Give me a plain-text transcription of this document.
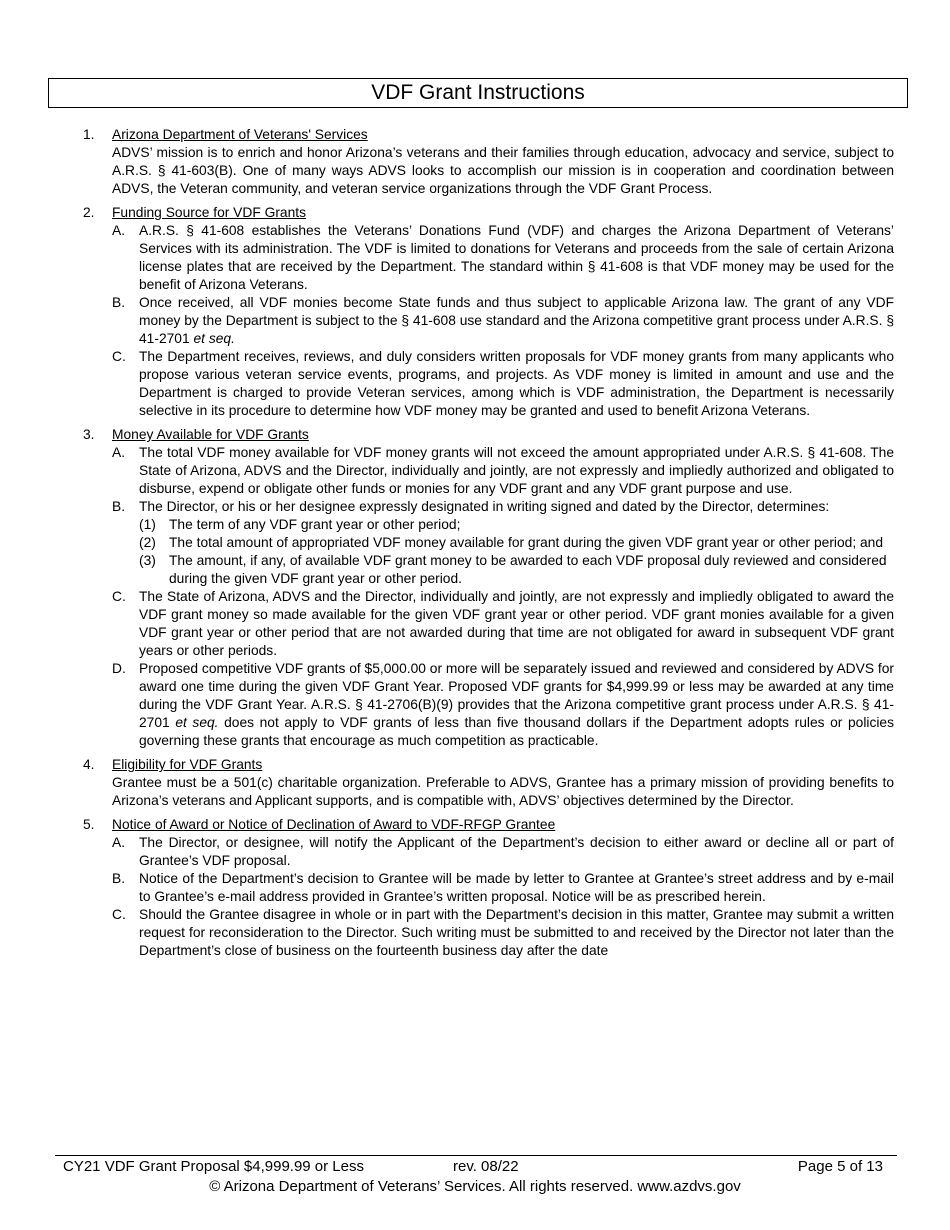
VDF Grant Instructions
1. Arizona Department of Veterans' Services
ADVS’ mission is to enrich and honor Arizona’s veterans and their families through education, advocacy and service, subject to A.R.S. § 41-603(B). One of many ways ADVS looks to accomplish our mission is in cooperation and coordination between ADVS, the Veteran community, and veteran service organizations through the VDF Grant Process.
2. Funding Source for VDF Grants
A. A.R.S. § 41-608 establishes the Veterans’ Donations Fund (VDF) and charges the Arizona Department of Veterans’ Services with its administration. The VDF is limited to donations for Veterans and proceeds from the sale of certain Arizona license plates that are received by the Department. The standard within § 41-608 is that VDF money may be used for the benefit of Arizona Veterans.
B. Once received, all VDF monies become State funds and thus subject to applicable Arizona law. The grant of any VDF money by the Department is subject to the § 41-608 use standard and the Arizona competitive grant process under A.R.S. § 41-2701 et seq.
C. The Department receives, reviews, and duly considers written proposals for VDF money grants from many applicants who propose various veteran service events, programs, and projects. As VDF money is limited in amount and use and the Department is charged to provide Veteran services, among which is VDF administration, the Department is necessarily selective in its procedure to determine how VDF money may be granted and used to benefit Arizona Veterans.
3. Money Available for VDF Grants
A. The total VDF money available for VDF money grants will not exceed the amount appropriated under A.R.S. § 41-608. The State of Arizona, ADVS and the Director, individually and jointly, are not expressly and impliedly authorized and obligated to disburse, expend or obligate other funds or monies for any VDF grant and any VDF grant purpose and use.
B. The Director, or his or her designee expressly designated in writing signed and dated by the Director, determines:
(1) The term of any VDF grant year or other period;
(2) The total amount of appropriated VDF money available for grant during the given VDF grant year or other period; and
(3) The amount, if any, of available VDF grant money to be awarded to each VDF proposal duly reviewed and considered during the given VDF grant year or other period.
C. The State of Arizona, ADVS and the Director, individually and jointly, are not expressly and impliedly obligated to award the VDF grant money so made available for the given VDF grant year or other period. VDF grant monies available for a given VDF grant year or other period that are not awarded during that time are not obligated for award in subsequent VDF grant years or other periods.
D. Proposed competitive VDF grants of $5,000.00 or more will be separately issued and reviewed and considered by ADVS for award one time during the given VDF Grant Year. Proposed VDF grants for $4,999.99 or less may be awarded at any time during the VDF Grant Year. A.R.S. § 41-2706(B)(9) provides that the Arizona competitive grant process under A.R.S. § 41-2701 et seq. does not apply to VDF grants of less than five thousand dollars if the Department adopts rules or policies governing these grants that encourage as much competition as practicable.
4. Eligibility for VDF Grants
Grantee must be a 501(c) charitable organization. Preferable to ADVS, Grantee has a primary mission of providing benefits to Arizona’s veterans and Applicant supports, and is compatible with, ADVS’ objectives determined by the Director.
5. Notice of Award or Notice of Declination of Award to VDF-RFGP Grantee
A. The Director, or designee, will notify the Applicant of the Department’s decision to either award or decline all or part of Grantee’s VDF proposal.
B. Notice of the Department’s decision to Grantee will be made by letter to Grantee at Grantee’s street address and by e-mail to Grantee’s e-mail address provided in Grantee’s written proposal. Notice will be as prescribed herein.
C. Should the Grantee disagree in whole or in part with the Department’s decision in this matter, Grantee may submit a written request for reconsideration to the Director. Such writing must be submitted to and received by the Director not later than the Department’s close of business on the fourteenth business day after the date
CY21 VDF Grant Proposal $4,999.99 or Less	rev. 08/22	Page 5 of 13
© Arizona Department of Veterans’ Services. All rights reserved. www.azdvs.gov
